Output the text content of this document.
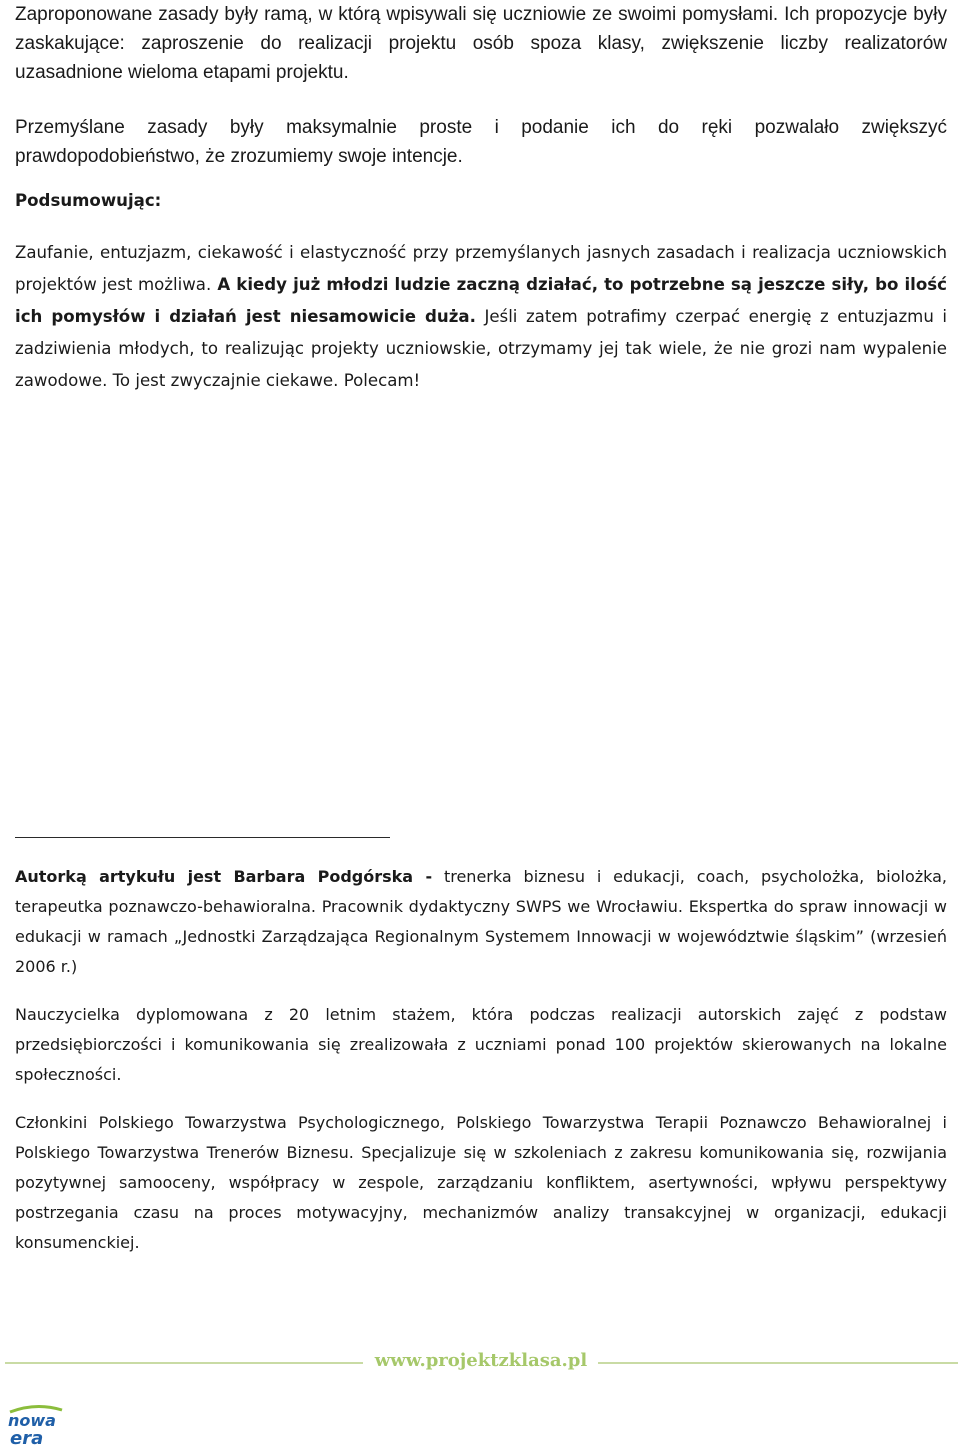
Zaproponowane zasady były ramą, w którą wpisywali się uczniowie ze swoimi pomysłami. Ich propozycje były zaskakujące: zaproszenie do realizacji projektu osób spoza klasy, zwiększenie liczby realizatorów uzasadnione wieloma etapami projektu.

Przemyślane zasady były maksymalnie proste i podanie ich do ręki pozwalało zwiększyć prawdopodobieństwo, że zrozumiemy swoje intencje.

Podsumowując:

Zaufanie, entuzjazm, ciekawość i elastyczność przy przemyślanych jasnych zasadach i realizacja uczniowskich projektów jest możliwa. A kiedy już młodzi ludzie zaczną działać, to potrzebne są jeszcze siły, bo ilość ich pomysłów i działań jest niesamowicie duża. Jeśli zatem potrafimy czerpać energię z entuzjazmu i zadziwienia młodych, to realizując projekty uczniowskie, otrzymamy jej tak wiele, że nie grozi nam wypalenie zawodowe. To jest zwyczajnie ciekawe. Polecam!

Autorką artykułu jest Barbara Podgórska - trenerka biznesu i edukacji, coach, psycholożka, biolożka, terapeutka poznawczo-behawioralna. Pracownik dydaktyczny SWPS we Wrocławiu. Ekspertka do spraw innowacji w edukacji w ramach „Jednostki Zarządzająca Regionalnym Systemem Innowacji w województwie śląskim” (wrzesień 2006 r.)

Nauczycielka dyplomowana z 20 letnim stażem, która podczas realizacji autorskich zajęć z podstaw przedsiębiorczości i komunikowania się zrealizowała z uczniami ponad 100 projektów skierowanych na lokalne społeczności.

Członkini Polskiego Towarzystwa Psychologicznego, Polskiego Towarzystwa Terapii Poznawczo Behawioralnej i Polskiego Towarzystwa Trenerów Biznesu. Specjalizuje się w szkoleniach z zakresu komunikowania się, rozwijania pozytywnej samooceny, współpracy w zespole, zarządzaniu konfliktem, asertywności, wpływu perspektywy postrzegania czasu na proces motywacyjny, mechanizmów analizy transakcyjnej w organizacji, edukacji konsumenckiej.

www.projektzklasa.pl
nowa
era
